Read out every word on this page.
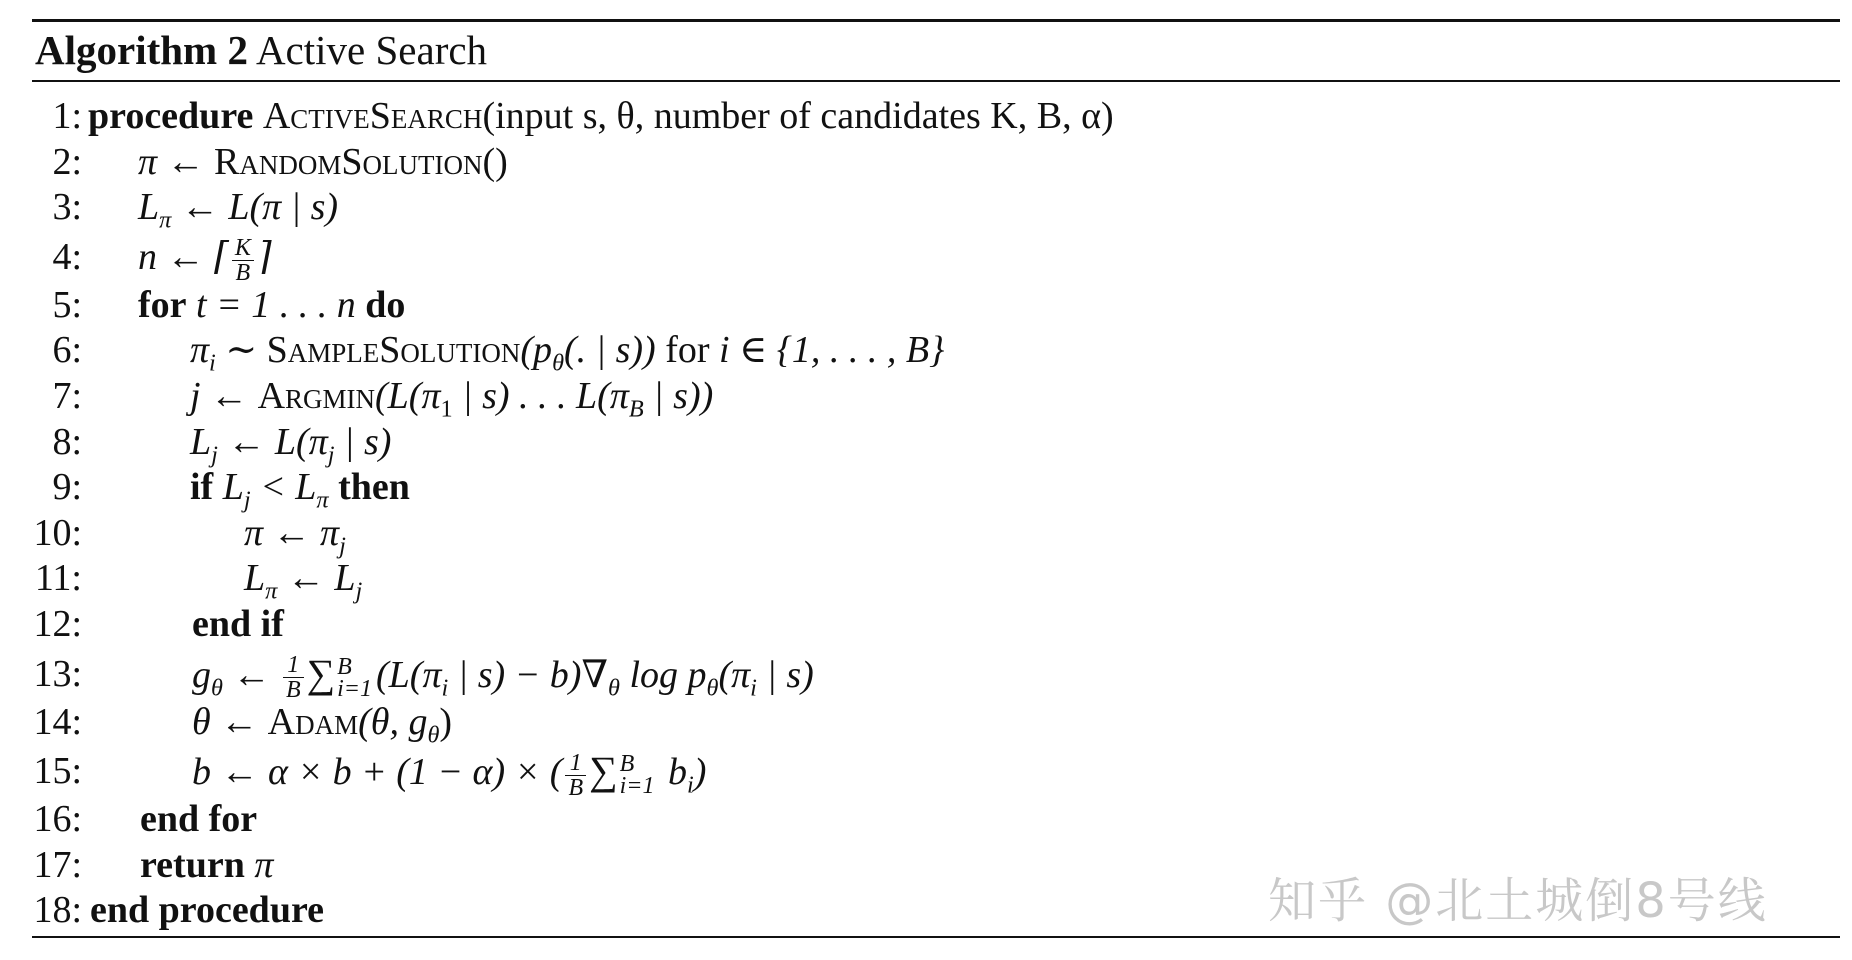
Algorithm 2 Active Search
1: procedure ActiveSearch(input s, θ, number of candidates K, B, α)
2: π ← RandomSolution()
3: $L_\pi$ ← L(π | s)
4: n ← ⌈ $\frac{K}{B}$ ⌉
5: for t = 1 . . . n do
6:	$\pi_i$ ∼ $SampleSolution(p_\theta$(. | s)) for i ∈ {1, . . . , B}
7:	j ← $Argmin(L(\pi_1$ | s) . . . $L(\pi_B$ | s))
8:	$L_j$ ← $L(\pi_j$ | s)
9:	if $L_j < L_\pi$ then
10:	π ← $\pi_j$
11:	$L_\pi$ ← $L_j$
12:	end if
13:	$g_\theta$ ← $\frac{1}{B}$ ∑ B
i=1 ($L(\pi_i$ | $s) - b)\nabla_\theta$ $\log p_\theta(\pi_i$ | s)
14:	θ ← Adam(θ, $g_\theta$)
15:	b ← α × b + (1 − α) × ( $\frac{1}{B}$ ∑ B
i=1 $b_i$)
16: end for
17: return π
18: end procedure	知乎 @北土城倒8号线
